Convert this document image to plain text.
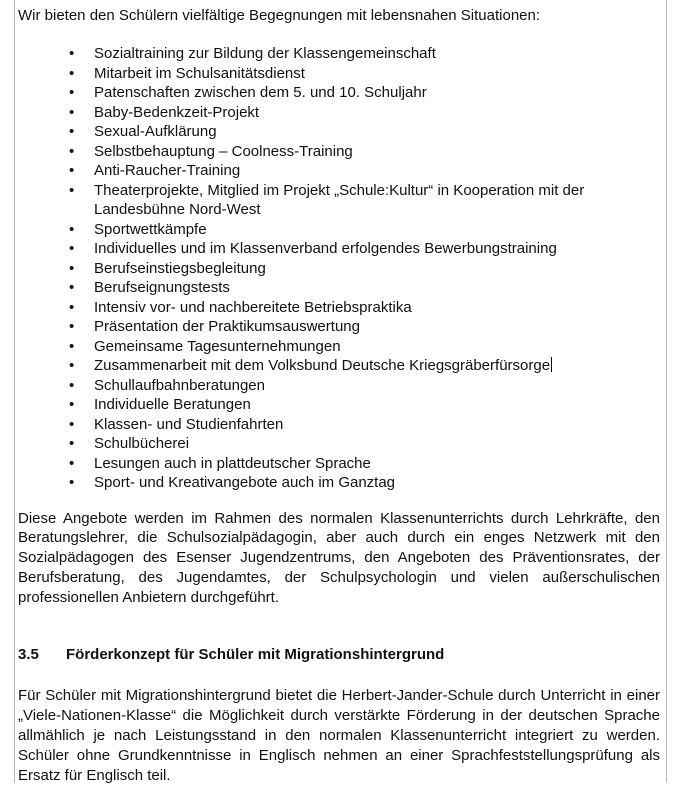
Wir bieten den Schülern vielfältige Begegnungen mit lebensnahen Situationen:

• Sozialtraining zur Bildung der Klassengemeinschaft
• Mitarbeit im Schulsanitätsdienst
• Patenschaften zwischen dem 5. und 10. Schuljahr
• Baby-Bedenkzeit-Projekt
• Sexual-Aufklärung
• Selbstbehauptung – Coolness-Training
• Anti-Raucher-Training
• Theaterprojekte, Mitglied im Projekt „Schule:Kultur“ in Kooperation mit der Landesbühne Nord-West
• Sportwettkämpfe
• Individuelles und im Klassenverband erfolgendes Bewerbungstraining
• Berufseinstiegsbegleitung
• Berufseignungstests
• Intensiv vor- und nachbereitete Betriebspraktika
• Präsentation der Praktikumsauswertung
• Gemeinsame Tagesunternehmungen
• Zusammenarbeit mit dem Volksbund Deutsche Kriegsgräberfürsorge
• Schullaufbahnberatungen
• Individuelle Beratungen
• Klassen- und Studienfahrten
• Schulbücherei
• Lesungen auch in plattdeutscher Sprache
• Sport- und Kreativangebote auch im Ganztag

Diese Angebote werden im Rahmen des normalen Klassenunterrichts durch Lehrkräfte, den Beratungslehrer, die Schulsozialpädagogin, aber auch durch ein enges Netzwerk mit den Sozialpädagogen des Esenser Jugendzentrums, den Angeboten des Präventionsrates, der Berufsberatung, des Jugendamtes, der Schulpsychologin und vielen außerschulischen professionellen Anbietern durchgeführt.

3.5	Förderkonzept für Schüler mit Migrationshintergrund

Für Schüler mit Migrationshintergrund bietet die Herbert-Jander-Schule durch Unterricht in einer „Viele-Nationen-Klasse“ die Möglichkeit durch verstärkte Förderung in der deutschen Sprache allmählich je nach Leistungsstand in den normalen Klassenunterricht integriert zu werden. Schüler ohne Grundkenntnisse in Englisch nehmen an einer Sprachfeststellungsprüfung als Ersatz für Englisch teil.
